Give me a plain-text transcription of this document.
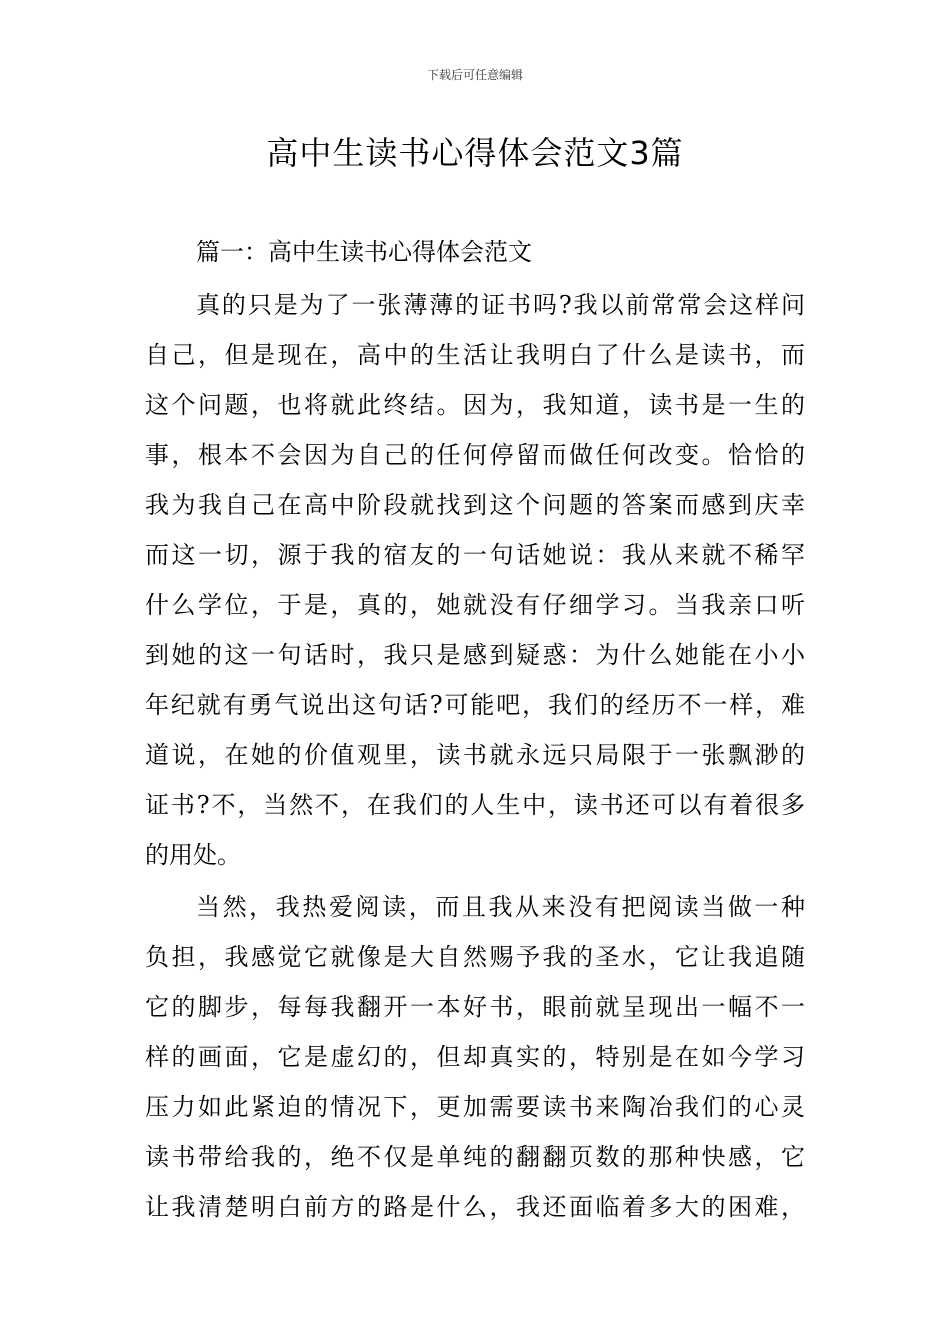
下载后可任意编辑
高中生读书心得体会范文3篇
篇一：高中生读书心得体会范文
真的只是为了一张薄薄的证书吗?我以前常常会这样问
自己，但是现在，高中的生活让我明白了什么是读书，而
这个问题，也将就此终结。因为，我知道，读书是一生的
事，根本不会因为自己的任何停留而做任何改变。恰恰的
我为我自己在高中阶段就找到这个问题的答案而感到庆幸
而这一切，源于我的宿友的一句话她说：我从来就不稀罕
什么学位，于是，真的，她就没有仔细学习。当我亲口听
到她的这一句话时，我只是感到疑惑：为什么她能在小小
年纪就有勇气说出这句话?可能吧，我们的经历不一样，难
道说，在她的价值观里，读书就永远只局限于一张飘渺的
证书?不，当然不，在我们的人生中，读书还可以有着很多
的用处。
当然，我热爱阅读，而且我从来没有把阅读当做一种
负担，我感觉它就像是大自然赐予我的圣水，它让我追随
它的脚步，每每我翻开一本好书，眼前就呈现出一幅不一
样的画面，它是虚幻的，但却真实的，特别是在如今学习
压力如此紧迫的情况下，更加需要读书来陶冶我们的心灵
读书带给我的，绝不仅是单纯的翻翻页数的那种快感，它
让我清楚明白前方的路是什么，我还面临着多大的困难，
